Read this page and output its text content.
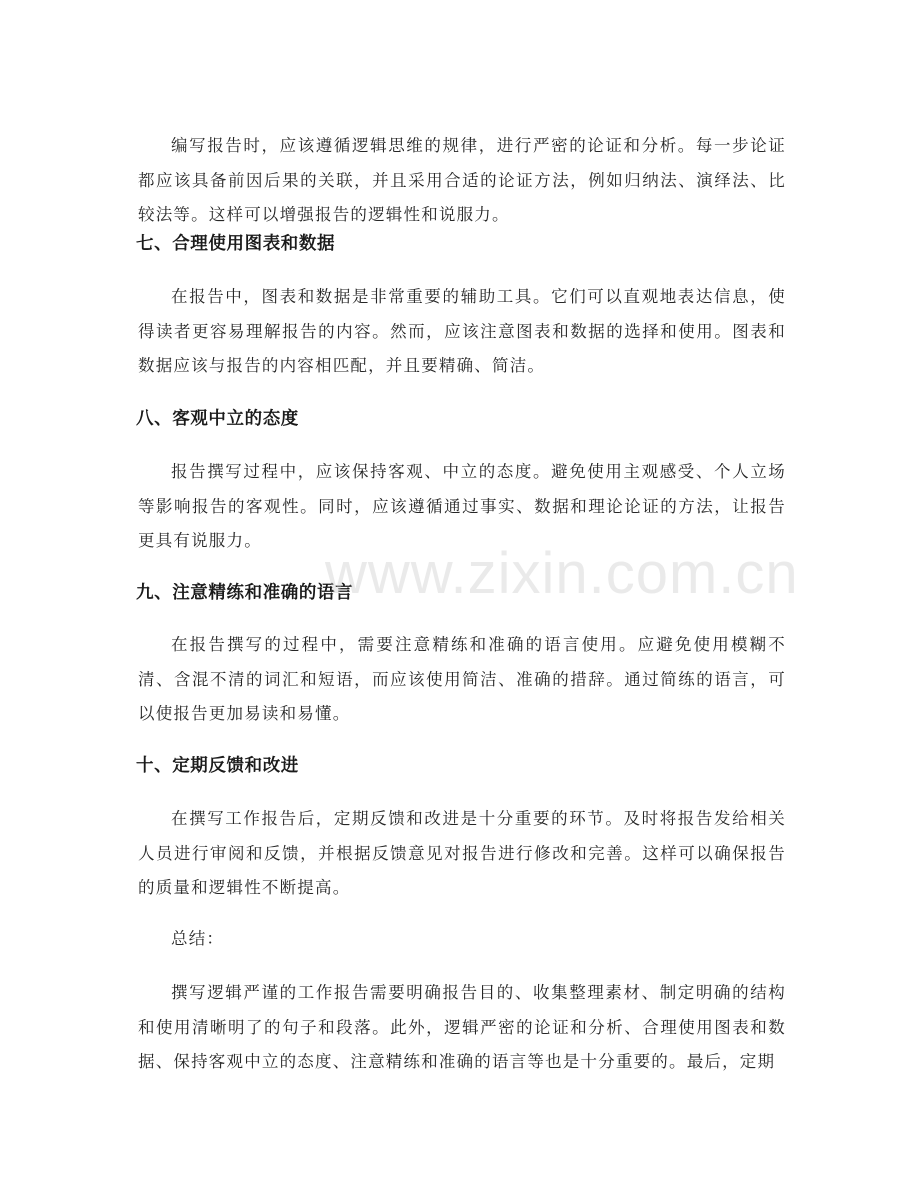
编写报告时，应该遵循逻辑思维的规律，进行严密的论证和分析。每一步论证都应该具备前因后果的关联，并且采用合适的论证方法，例如归纳法、演绎法、比较法等。这样可以增强报告的逻辑性和说服力。

七、合理使用图表和数据

在报告中，图表和数据是非常重要的辅助工具。它们可以直观地表达信息，使得读者更容易理解报告的内容。然而，应该注意图表和数据的选择和使用。图表和数据应该与报告的内容相匹配，并且要精确、简洁。

八、客观中立的态度

报告撰写过程中，应该保持客观、中立的态度。避免使用主观感受、个人立场等影响报告的客观性。同时，应该遵循通过事实、数据和理论论证的方法，让报告更具有说服力。

九、注意精练和准确的语言

在报告撰写的过程中，需要注意精练和准确的语言使用。应避免使用模糊不清、含混不清的词汇和短语，而应该使用简洁、准确的措辞。通过简练的语言，可以使报告更加易读和易懂。

十、定期反馈和改进

在撰写工作报告后，定期反馈和改进是十分重要的环节。及时将报告发给相关人员进行审阅和反馈，并根据反馈意见对报告进行修改和完善。这样可以确保报告的质量和逻辑性不断提高。

总结：

撰写逻辑严谨的工作报告需要明确报告目的、收集整理素材、制定明确的结构和使用清晰明了的句子和段落。此外，逻辑严密的论证和分析、合理使用图表和数据、保持客观中立的态度、注意精练和准确的语言等也是十分重要的。最后，定期

www.zixin.com.cn
